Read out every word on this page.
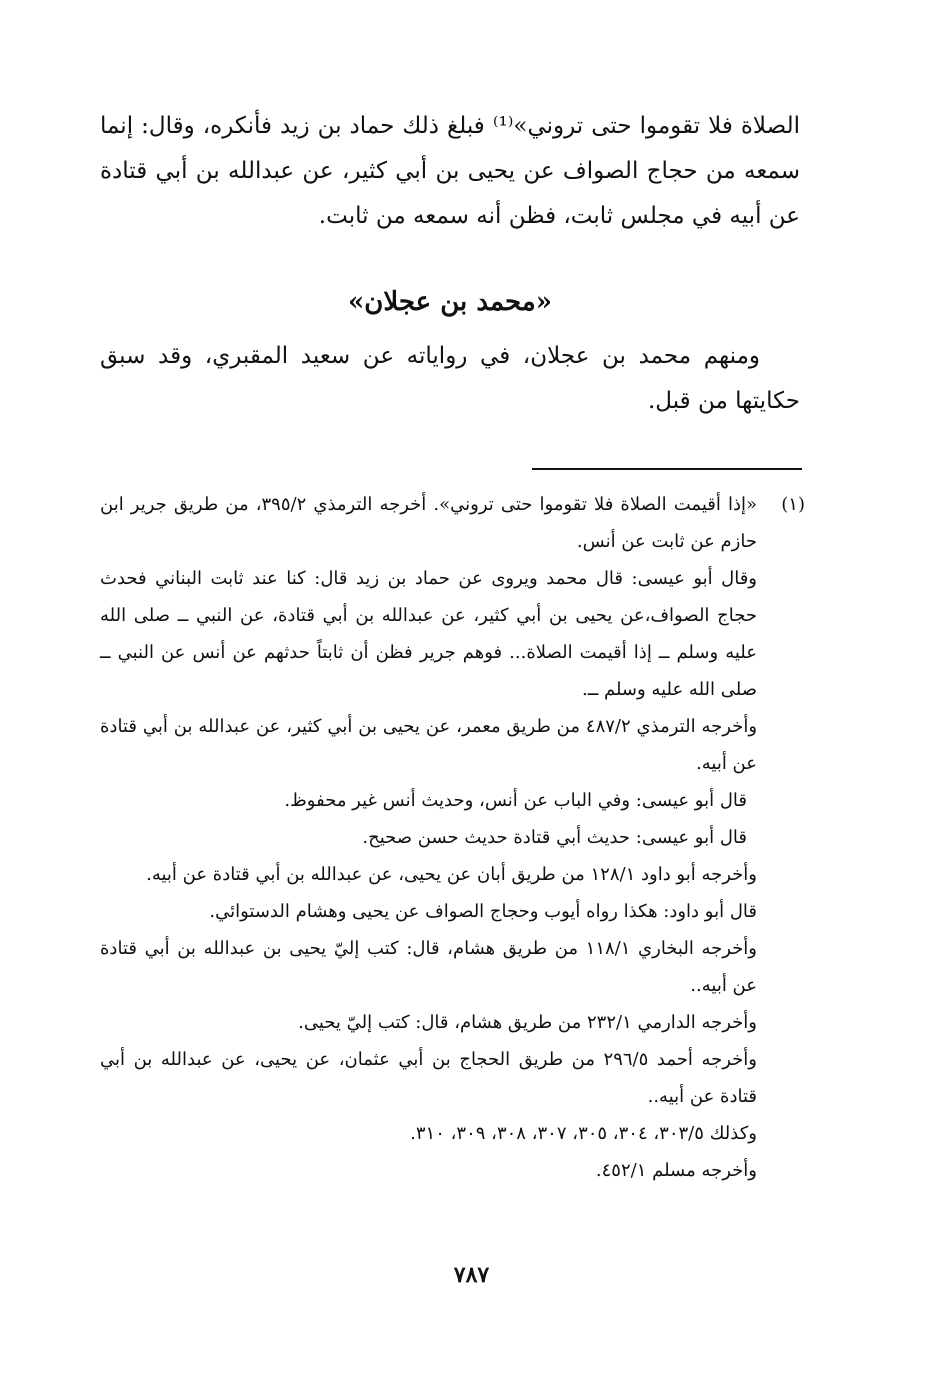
الصلاة فلا تقوموا حتى تروني»⁽¹⁾ فبلغ ذلك حماد بن زيد فأنكره، وقال: إنما سمعه من حجاج الصواف عن يحيى بن أبي كثير، عن عبدالله بن أبي قتادة عن أبيه في مجلس ثابت، فظن أنه سمعه من ثابت.

«محمد بن عجلان»

ومنهم محمد بن عجلان، في رواياته عن سعيد المقبري، وقد سبق حكايتها من قبل.

(١)«إذا أقيمت الصلاة فلا تقوموا حتى تروني». أخرجه الترمذي ٣٩٥/٢، من طريق جرير ابن حازم عن ثابت عن أنس.

وقال أبو عيسى: قال محمد ويروى عن حماد بن زيد قال: كنا عند ثابت البناني فحدث حجاج الصواف،عن يحيى بن أبي كثير، عن عبدالله بن أبي قتادة، عن النبي ــ صلى الله عليه وسلم ــ إذا أقيمت الصلاة... فوهم جرير فظن أن ثابتاً حدثهم عن أنس عن النبي ــ صلى الله عليه وسلم ــ.

وأخرجه الترمذي ٤٨٧/٢ من طريق معمر، عن يحيى بن أبي كثير، عن عبدالله بن أبي قتادة عن أبيه.

قال أبو عيسى: وفي الباب عن أنس، وحديث أنس غير محفوظ.

قال أبو عيسى: حديث أبي قتادة حديث حسن صحيح.

وأخرجه أبو داود ١٢٨/١ من طريق أبان عن يحيى، عن عبدالله بن أبي قتادة عن أبيه.

قال أبو داود: هكذا رواه أيوب وحجاج الصواف عن يحيى وهشام الدستوائي.

وأخرجه البخاري ١١٨/١ من طريق هشام، قال: كتب إليّ يحيى بن عبدالله بن أبي قتادة عن أبيه..

وأخرجه الدارمي ٢٣٢/١ من طريق هشام، قال: كتب إليّ يحيى.

وأخرجه أحمد ٢٩٦/٥ من طريق الحجاج بن أبي عثمان، عن يحيى، عن عبدالله بن أبي قتادة عن أبيه..

وكذلك ٣٠٣/٥، ٣٠٤، ٣٠٥، ٣٠٧، ٣٠٨، ٣٠٩، ٣١٠.

وأخرجه مسلم ٤٥٢/١.

٧٨٧
